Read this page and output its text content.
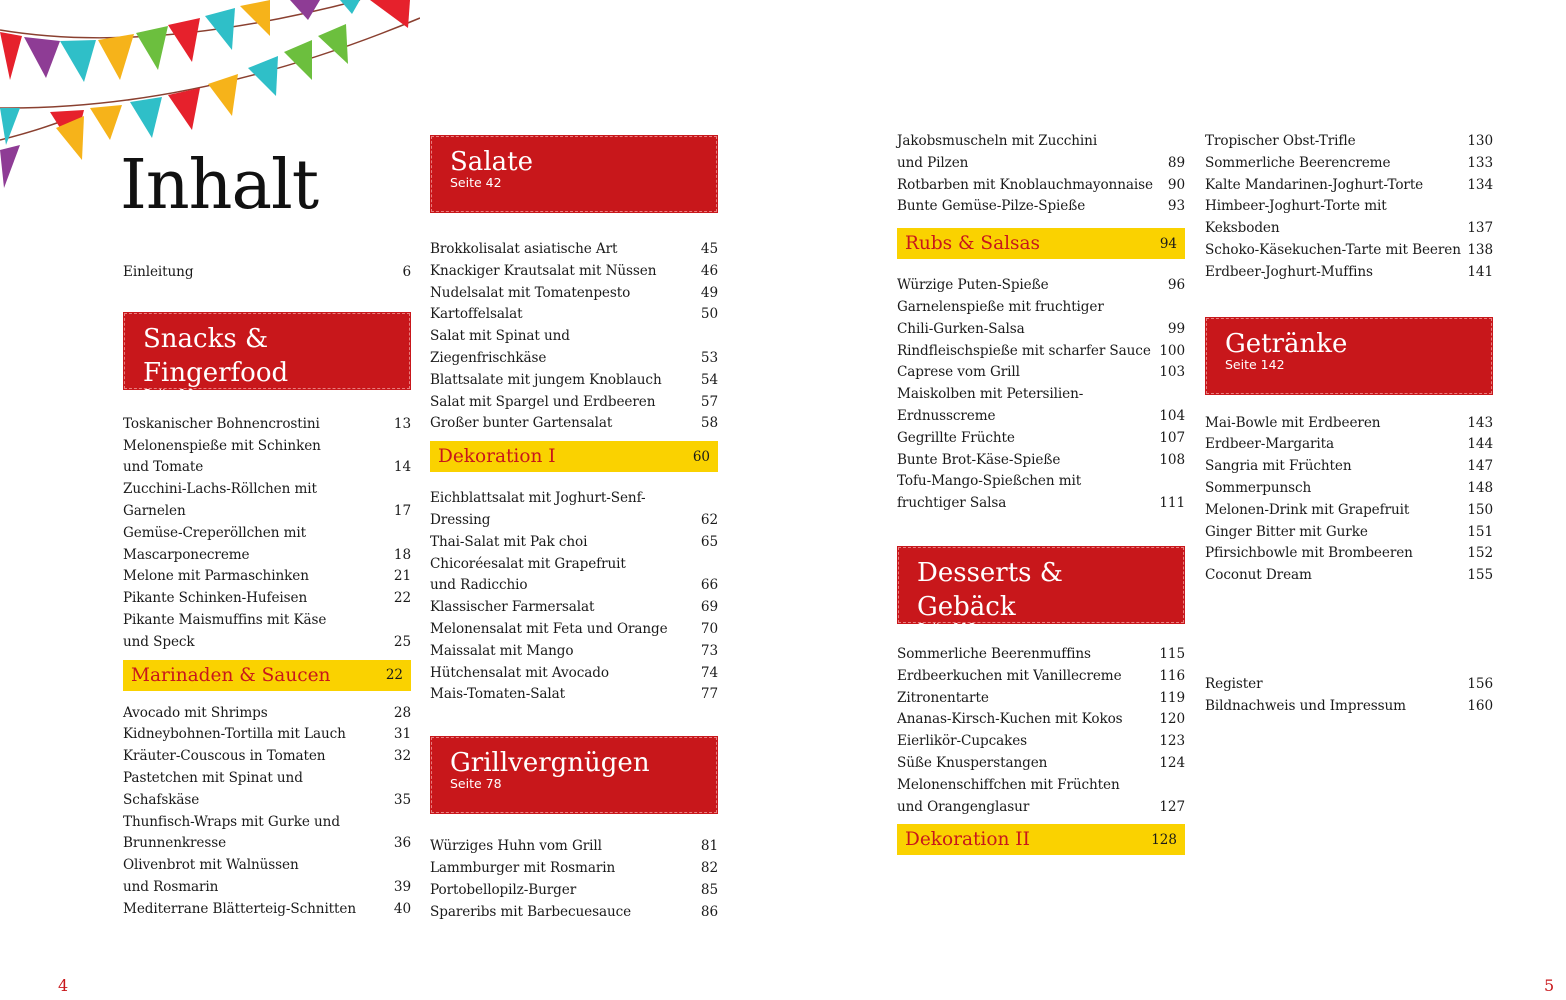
Inhalt
Einleitung	6
Snacks & Fingerfood
Seite 10
Toskanischer Bohnencrostini	13
Melonenspieße mit Schinken
und Tomate	14
Zucchini-Lachs-Röllchen mit Garnelen	17
Gemüse-Creperöllchen mit
Mascarponecreme	18
Melone mit Parmaschinken	21
Pikante Schinken-Hufeisen	22
Pikante Maismuffins mit Käse
und Speck	25
Marinaden & Saucen	22
Avocado mit Shrimps	28
Kidneybohnen-Tortilla mit Lauch	31
Kräuter-Couscous in Tomaten	32
Pastetchen mit Spinat und Schafskäse	35
Thunfisch-Wraps mit Gurke und
Brunnenkresse	36
Olivenbrot mit Walnüssen
und Rosmarin	39
Mediterrane Blätterteig-Schnitten	40
Salate
Seite 42
Brokkolisalat asiatische Art	45
Knackiger Krautsalat mit Nüssen	46
Nudelsalat mit Tomatenpesto	49
Kartoffelsalat	50
Salat mit Spinat und Ziegenfrischkäse	53
Blattsalate mit jungem Knoblauch	54
Salat mit Spargel und Erdbeeren	57
Großer bunter Gartensalat	58
Dekoration I	60
Eichblattsalat mit Joghurt-Senf-Dressing	62
Thai-Salat mit Pak choi	65
Chicoréesalat mit Grapefruit
und Radicchio	66
Klassischer Farmersalat	69
Melonensalat mit Feta und Orange	70
Maissalat mit Mango	73
Hütchensalat mit Avocado	74
Mais-Tomaten-Salat	77
Grillvergnügen
Seite 78
Würziges Huhn vom Grill	81
Lammburger mit Rosmarin	82
Portobellopilz-Burger	85
Spareribs mit Barbecuesauce	86
Jakobsmuscheln mit Zucchini
und Pilzen	89
Rotbarben mit Knoblauchmayonnaise	90
Bunte Gemüse-Pilze-Spieße	93
Rubs & Salsas	94
Würzige Puten-Spieße	96
Garnelenspieße mit fruchtiger
Chili-Gurken-Salsa	99
Rindfleischspieße mit scharfer Sauce 100
Caprese vom Grill	103
Maiskolben mit Petersilien-
Erdnusscreme	104
Gegrillte Früchte	107
Bunte Brot-Käse-Spieße	108
Tofu-Mango-Spießchen mit
fruchtiger Salsa	111
Desserts & Gebäck
Seite 112
Sommerliche Beerenmuffins	115
Erdbeerkuchen mit Vanillecreme	116
Zitronentarte	119
Ananas-Kirsch-Kuchen mit Kokos	120
Eierlikör-Cupcakes	123
Süße Knusperstangen	124
Melonenschiffchen mit Früchten
und Orangenglasur	127
Dekoration II	128
Tropischer Obst-Trifle	130
Sommerliche Beerencreme	133
Kalte Mandarinen-Joghurt-Torte	134
Himbeer-Joghurt-Torte mit Keksboden	137
Schoko-Käsekuchen-Tarte mit Beeren 138
Erdbeer-Joghurt-Muffins	141
Getränke
Seite 142
Mai-Bowle mit Erdbeeren	143
Erdbeer-Margarita	144
Sangria mit Früchten	147
Sommerpunsch	148
Melonen-Drink mit Grapefruit	150
Ginger Bitter mit Gurke	151
Pfirsichbowle mit Brombeeren	152
Coconut Dream	155
Register	156
Bildnachweis und Impressum	160
4	5
